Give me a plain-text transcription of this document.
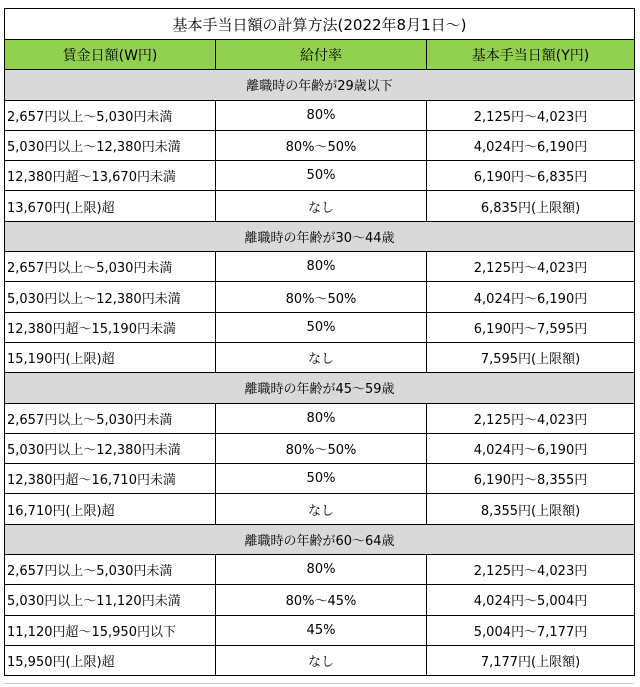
基本手当日額の計算方法(2022年8月1日〜)		
賃金日額(W円)	給付率	基本手当日額(Y円)
離職時の年齢が29歳以下		
2,657円以上〜5,030円未満	80%	2,125円〜4,023円
5,030円以上〜12,380円未満	80%〜50%	4,024円〜6,190円
12,380円超〜13,670円未満	50%	6,190円〜6,835円
13,670円(上限)超	なし	6,835円(上限額)
離職時の年齢が30〜44歳		
2,657円以上〜5,030円未満	80%	2,125円〜4,023円
5,030円以上〜12,380円未満	80%〜50%	4,024円〜6,190円
12,380円超〜15,190円未満	50%	6,190円〜7,595円
15,190円(上限)超	なし	7,595円(上限額)
離職時の年齢が45〜59歳		
2,657円以上〜5,030円未満	80%	2,125円〜4,023円
5,030円以上〜12,380円未満	80%〜50%	4,024円〜6,190円
12,380円超〜16,710円未満	50%	6,190円〜8,355円
16,710円(上限)超	なし	8,355円(上限額)
離職時の年齢が60〜64歳		
2,657円以上〜5,030円未満	80%	2,125円〜4,023円
5,030円以上〜11,120円未満	80%〜45%	4,024円〜5,004円
11,120円超〜15,950円以下	45%	5,004円〜7,177円
15,950円(上限)超	なし	7,177円(上限額)
